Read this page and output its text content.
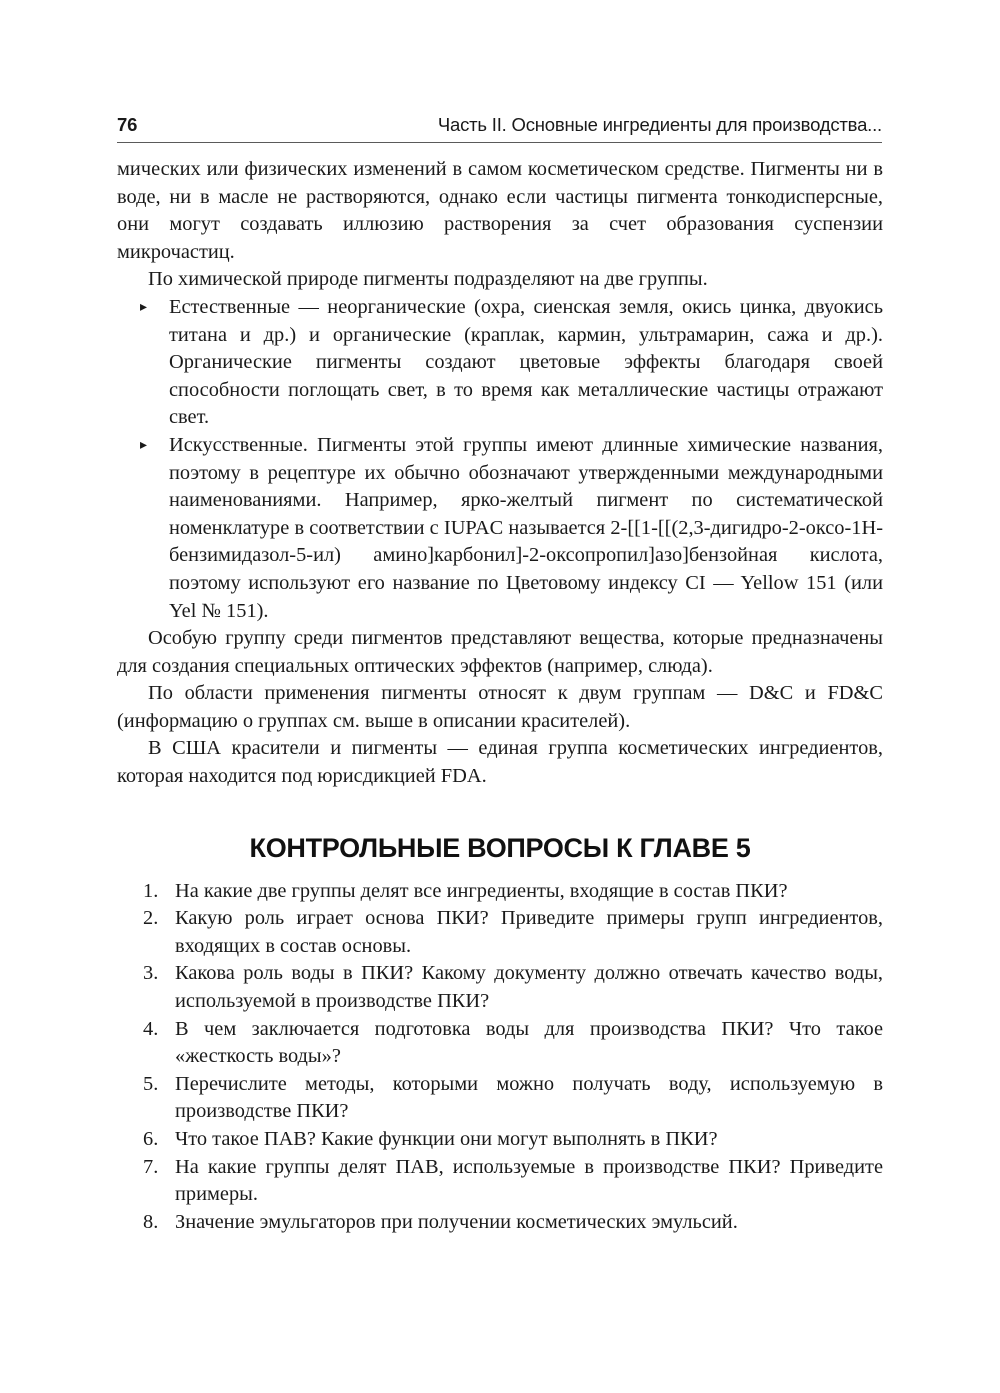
76	Часть II. Основные ингредиенты для производства...

мических или физических изменений в самом косметическом средстве. Пигменты ни в воде, ни в масле не растворяются, однако если частицы пигмента тонкодисперсные, они могут создавать иллюзию растворения за счет образования суспензии микрочастиц.

По химической природе пигменты подразделяют на две группы.

▸ Естественные — неорганические (охра, сиенская земля, окись цинка, двуокись титана и др.) и органические (краплак, кармин, ультрамарин, сажа и др.). Органические пигменты создают цветовые эффекты благодаря своей способности поглощать свет, в то время как металлические частицы отражают свет.
▸ Искусственные. Пигменты этой группы имеют длинные химические названия, поэтому в рецептуре их обычно обозначают утвержденными международными наименованиями. Например, ярко-желтый пигмент по систематической номенклатуре в соответствии с IUPAC называется 2-[[1-[[(2,3-дигидро-2-оксо-1H-бензимидазол-5-ил) амино]карбонил]-2-оксопропил]азо]бензойная кислота, поэтому используют его название по Цветовому индексу CI — Yellow 151 (или Yel № 151).

Особую группу среди пигментов представляют вещества, которые предназначены для создания специальных оптических эффектов (например, слюда).

По области применения пигменты относят к двум группам — D&C и FD&C (информацию о группах см. выше в описании красителей).

В США красители и пигменты — единая группа косметических ингредиентов, которая находится под юрисдикцией FDA.

КОНТРОЛЬНЫЕ ВОПРОСЫ К ГЛАВЕ 5
1. На какие две группы делят все ингредиенты, входящие в состав ПКИ?
2. Какую роль играет основа ПКИ? Приведите примеры групп ингредиентов, входящих в состав основы.
3. Какова роль воды в ПКИ? Какому документу должно отвечать качество воды, используемой в производстве ПКИ?
4. В чем заключается подготовка воды для производства ПКИ? Что такое «жесткость воды»?
5. Перечислите методы, которыми можно получать воду, используемую в производстве ПКИ?
6. Что такое ПАВ? Какие функции они могут выполнять в ПКИ?
7. На какие группы делят ПАВ, используемые в производстве ПКИ? Приведите примеры.
8. Значение эмульгаторов при получении косметических эмульсий.
